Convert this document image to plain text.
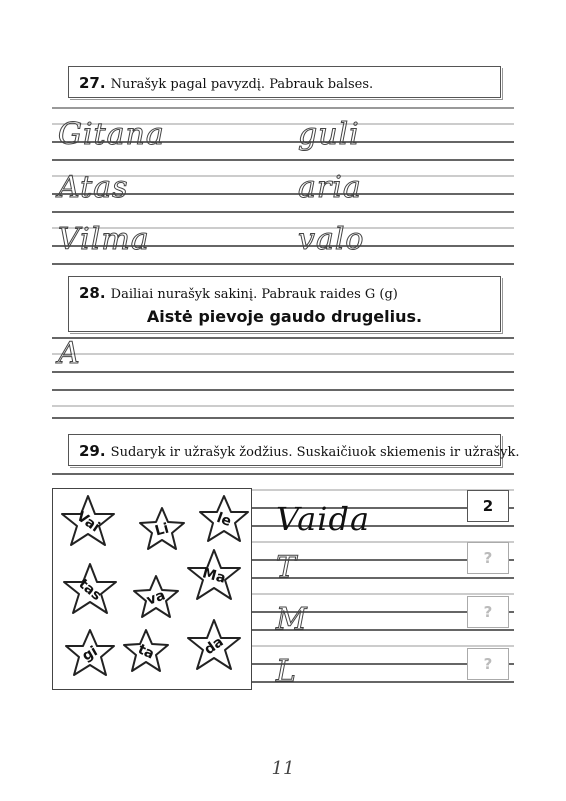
27. Nurašyk pagal pavyzdį. Pabrauk balses.
Gitana	guli
Atas	aria
Vilma	valo
28. Dailiai nurašyk sakinį. Pabrauk raides G (g)
Aistė pievoje gaudo drugelius.
A
29. Sudaryk ir užrašyk žodžius. Suskaičiuok skiemenis ir užrašyk.
Vai	Li
le
tas	va
Ma
gi	ta	da
Vaida	2
T	?
M	?
L	?
11
